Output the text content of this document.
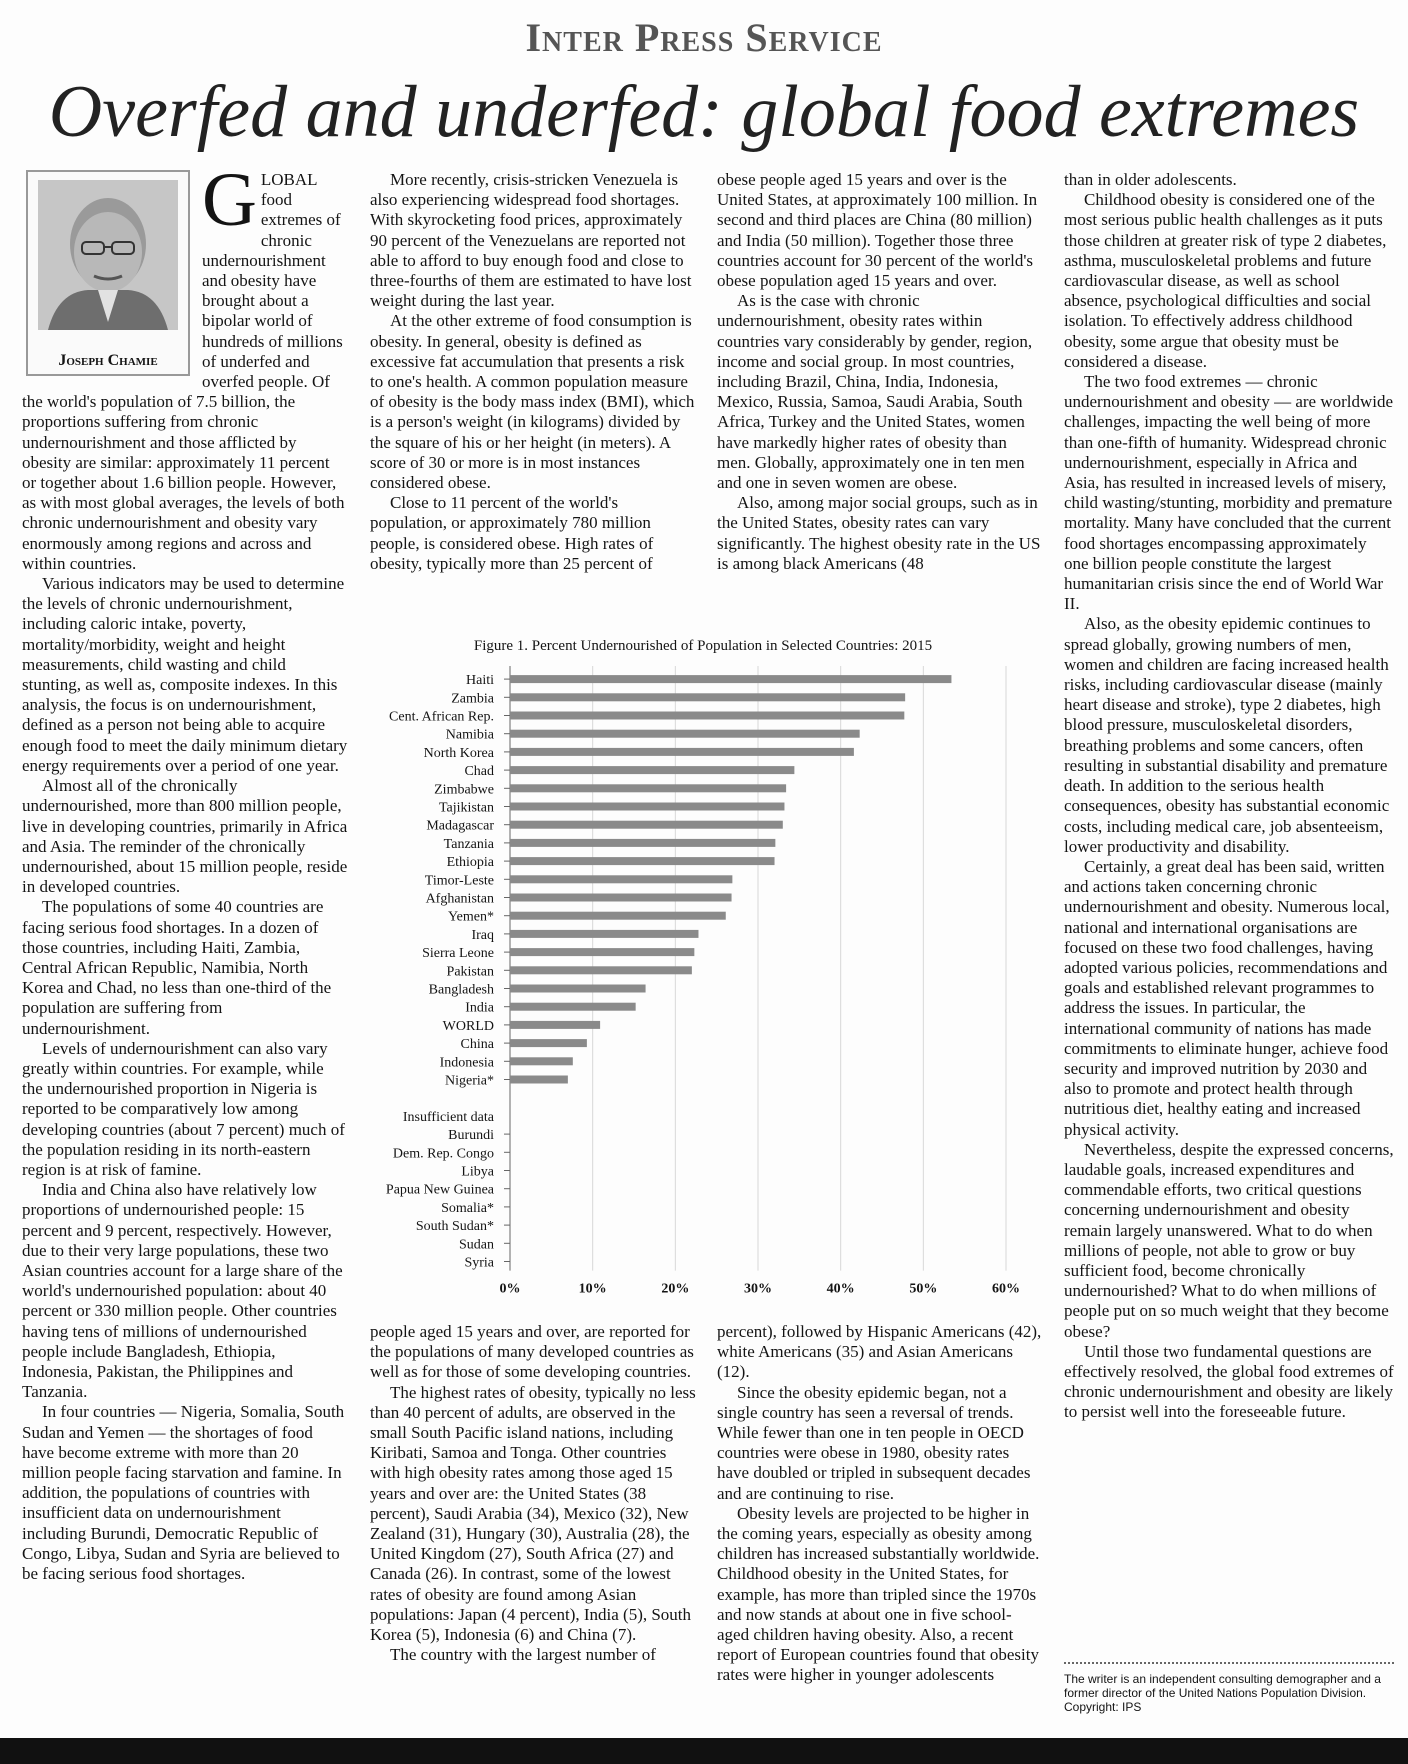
Inter Press Service
Overfed and underfed: global food extremes
Joseph Chamie

G LOBAL food extremes of chronic undernourishment and obesity have brought about a bipolar world of hundreds of millions of underfed and overfed people. Of the world's population of 7.5 billion, the proportions suffering from chronic undernourishment and those afflicted by obesity are similar: approximately 11 percent or together about 1.6 billion people. However, as with most global averages, the levels of both chronic undernourishment and obesity vary enormously among regions and across and within countries.

Various indicators may be used to determine the levels of chronic undernourishment, including caloric intake, poverty, mortality/morbidity, weight and height measurements, child wasting and child stunting, as well as, composite indexes. In this analysis, the focus is on undernourishment, defined as a person not being able to acquire enough food to meet the daily minimum dietary energy requirements over a period of one year.

Almost all of the chronically undernourished, more than 800 million people, live in developing countries, primarily in Africa and Asia. The reminder of the chronically undernourished, about 15 million people, reside in developed countries.

The populations of some 40 countries are facing serious food shortages. In a dozen of those countries, including Haiti, Zambia, Central African Republic, Namibia, North Korea and Chad, no less than one-third of the population are suffering from undernourishment.

Levels of undernourishment can also vary greatly within countries. For example, while the undernourished proportion in Nigeria is reported to be comparatively low among developing countries (about 7 percent) much of the population residing in its north-eastern region is at risk of famine.

India and China also have relatively low proportions of undernourished people: 15 percent and 9 percent, respectively. However, due to their very large populations, these two Asian countries account for a large share of the world's undernourished population: about 40 percent or 330 million people. Other countries having tens of millions of undernourished people include Bangladesh, Ethiopia, Indonesia, Pakistan, the Philippines and Tanzania.

In four countries — Nigeria, Somalia, South Sudan and Yemen — the shortages of food have become extreme with more than 20 million people facing starvation and famine. In addition, the populations of countries with insufficient data on undernourishment including Burundi, Democratic Republic of Congo, Libya, Sudan and Syria are believed to be facing serious food shortages.

More recently, crisis-stricken Venezuela is also experiencing widespread food shortages. With skyrocketing food prices, approximately 90 percent of the Venezuelans are reported not able to afford to buy enough food and close to three-fourths of them are estimated to have lost weight during the last year.

At the other extreme of food consumption is obesity. In general, obesity is defined as excessive fat accumulation that presents a risk to one's health. A common population measure of obesity is the body mass index (BMI), which is a person's weight (in kilograms) divided by the square of his or her height (in meters). A score of 30 or more is in most instances considered obese.

Close to 11 percent of the world's population, or approximately 780 million people, is considered obese. High rates of obesity, typically more than 25 percent of

obese people aged 15 years and over is the United States, at approximately 100 million. In second and third places are China (80 million) and India (50 million). Together those three countries account for 30 percent of the world's obese population aged 15 years and over.

As is the case with chronic undernourishment, obesity rates within countries vary considerably by gender, region, income and social group. In most countries, including Brazil, China, India, Indonesia, Mexico, Russia, Samoa, Saudi Arabia, South Africa, Turkey and the United States, women have markedly higher rates of obesity than men. Globally, approximately one in ten men and one in seven women are obese.

Also, among major social groups, such as in the United States, obesity rates can vary significantly. The highest obesity rate in the US is among black Americans (48

Figure 1. Percent Undernourished of Population in Selected Countries: 2015
0%	10%	20%	30%	40%	50%	60%
Haiti
Zambia
Cent. African Rep.
Namibia
North Korea
Chad
Zimbabwe
Tajikistan
Madagascar
Tanzania
Ethiopia
Timor-Leste
Afghanistan
Yemen*
Iraq
Sierra Leone
Pakistan
Bangladesh
India
WORLD
China
Indonesia
Nigeria*
Insufficient data
Burundi
Dem. Rep. Congo
Libya
Papua New Guinea
Somalia*
South Sudan*
Sudan
Syria

people aged 15 years and over, are reported for the populations of many developed countries as well as for those of some developing countries.

The highest rates of obesity, typically no less than 40 percent of adults, are observed in the small South Pacific island nations, including Kiribati, Samoa and Tonga. Other countries with high obesity rates among those aged 15 years and over are: the United States (38 percent), Saudi Arabia (34), Mexico (32), New Zealand (31), Hungary (30), Australia (28), the United Kingdom (27), South Africa (27) and Canada (26). In contrast, some of the lowest rates of obesity are found among Asian populations: Japan (4 percent), India (5), South Korea (5), Indonesia (6) and China (7).

The country with the largest number of

percent), followed by Hispanic Americans (42), white Americans (35) and Asian Americans (12).

Since the obesity epidemic began, not a single country has seen a reversal of trends. While fewer than one in ten people in OECD countries were obese in 1980, obesity rates have doubled or tripled in subsequent decades and are continuing to rise.

Obesity levels are projected to be higher in the coming years, especially as obesity among children has increased substantially worldwide. Childhood obesity in the United States, for example, has more than tripled since the 1970s and now stands at about one in five school-aged children having obesity. Also, a recent report of European countries found that obesity rates were higher in younger adolescents

than in older adolescents.

Childhood obesity is considered one of the most serious public health challenges as it puts those children at greater risk of type 2 diabetes, asthma, musculoskeletal problems and future cardiovascular disease, as well as school absence, psychological difficulties and social isolation. To effectively address childhood obesity, some argue that obesity must be considered a disease.

The two food extremes — chronic undernourishment and obesity — are worldwide challenges, impacting the well being of more than one-fifth of humanity. Widespread chronic undernourishment, especially in Africa and Asia, has resulted in increased levels of misery, child wasting/stunting, morbidity and premature mortality. Many have concluded that the current food shortages encompassing approximately one billion people constitute the largest humanitarian crisis since the end of World War II.

Also, as the obesity epidemic continues to spread globally, growing numbers of men, women and children are facing increased health risks, including cardiovascular disease (mainly heart disease and stroke), type 2 diabetes, high blood pressure, musculoskeletal disorders, breathing problems and some cancers, often resulting in substantial disability and premature death. In addition to the serious health consequences, obesity has substantial economic costs, including medical care, job absenteeism, lower productivity and disability.

Certainly, a great deal has been said, written and actions taken concerning chronic undernourishment and obesity. Numerous local, national and international organisations are focused on these two food challenges, having adopted various policies, recommendations and goals and established relevant programmes to address the issues. In particular, the international community of nations has made commitments to eliminate hunger, achieve food security and improved nutrition by 2030 and also to promote and protect health through nutritious diet, healthy eating and increased physical activity.

Nevertheless, despite the expressed concerns, laudable goals, increased expenditures and commendable efforts, two critical questions concerning undernourishment and obesity remain largely unanswered. What to do when millions of people, not able to grow or buy sufficient food, become chronically undernourished? What to do when millions of people put on so much weight that they become obese?

Until those two fundamental questions are effectively resolved, the global food extremes of chronic undernourishment and obesity are likely to persist well into the foreseeable future.

The writer is an independent consulting demographer and a former director of the United Nations Population Division.
Copyright: IPS
